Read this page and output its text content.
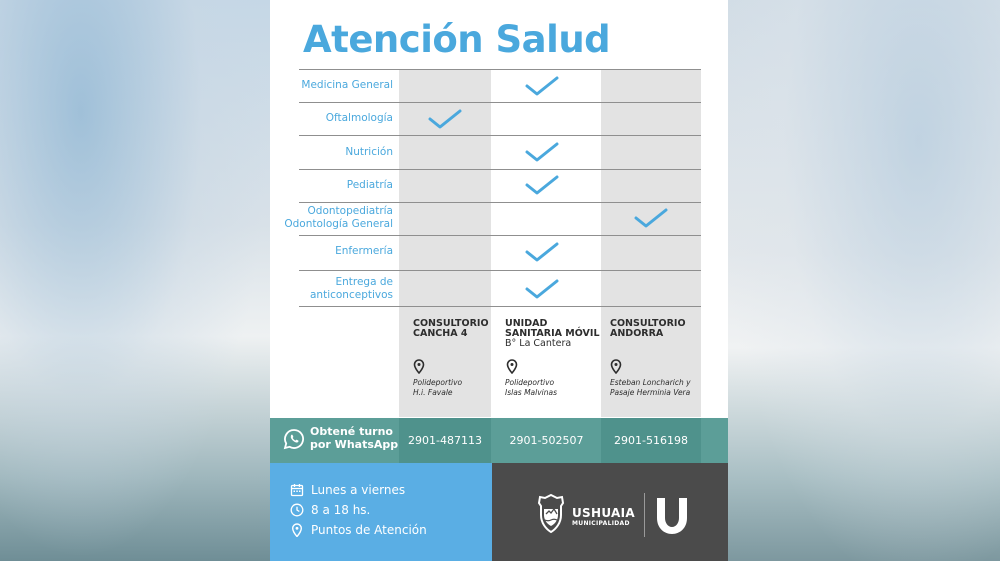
Atención Salud
Medicina General
Oftalmología
Nutrición
Pediatría
Odontopediatría
Odontología General
Enfermería
Entrega de
anticonceptivos
CONSULTORIO
CANCHA 4
Polideportivo
H.i. Favale
UNIDAD
SANITARIA MÓVIL
B° La Cantera
Polideportivo
Islas Malvinas
CONSULTORIO
ANDORRA
Esteban Loncharich y
Pasaje Herminia Vera
Obtené turno
por WhatsApp 2901-487113	2901-502507	2901-516198
Lunes a viernes
8 a 18 hs.
Puntos de Atención
USHUAIA
MUNICIPALIDAD
